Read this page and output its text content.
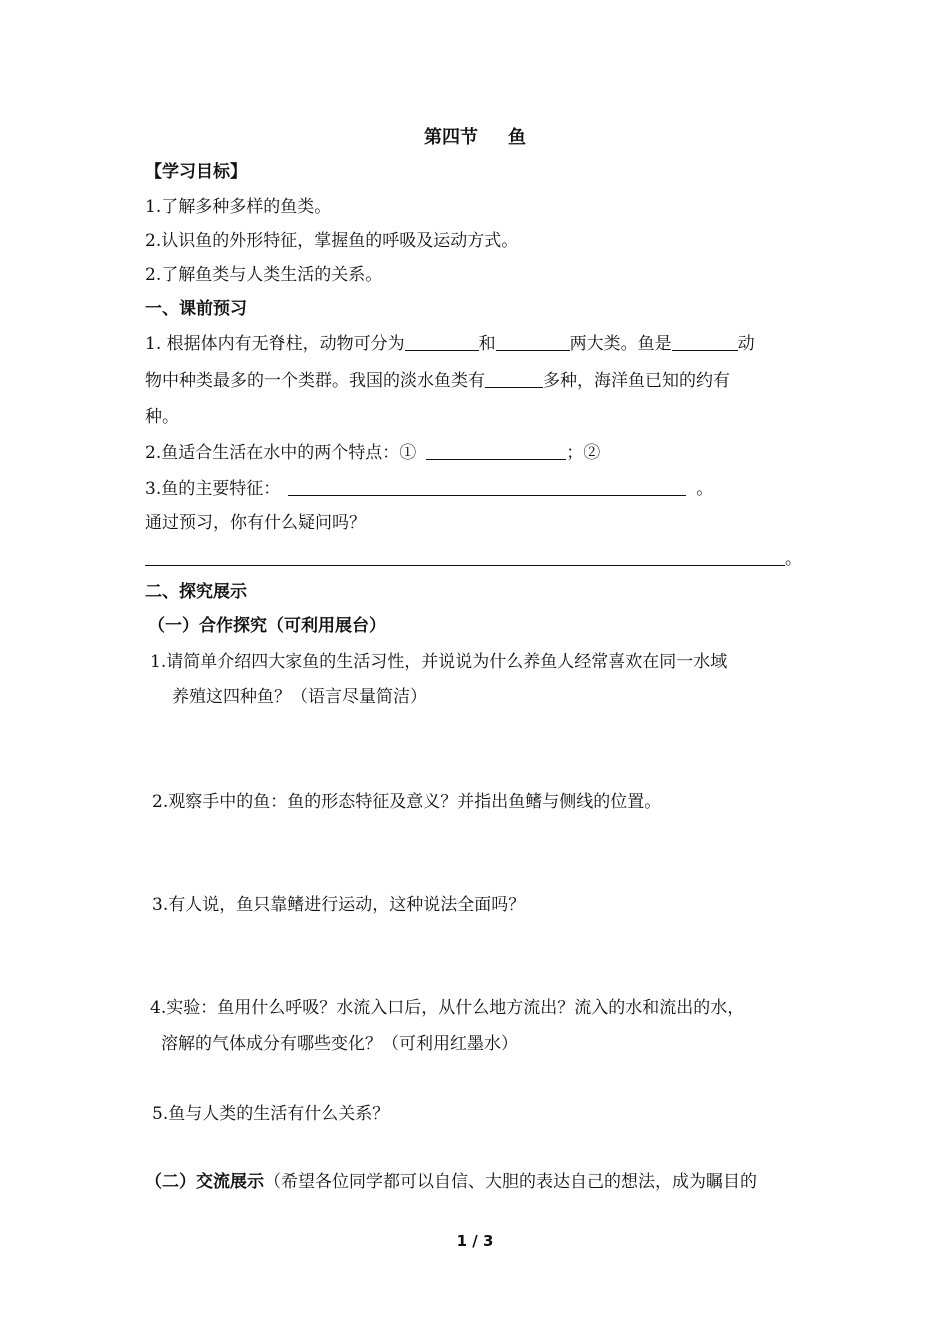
第四节 鱼
【学习目标】
1.了解多种多样的鱼类。
2.认识鱼的外形特征，掌握鱼的呼吸及运动方式。
2.了解鱼类与人类生活的关系。
一、课前预习
1. 根据体内有无脊柱，动物可分为	和	两大类。鱼是	动
物中种类最多的一个类群。我国的淡水鱼类有	多种，海洋鱼已知的约有
种。
2.鱼适合生活在水中的两个特点：①	；②
3.鱼的主要特征：	。
通过预习，你有什么疑问吗？
。
二、探究展示
（一）合作探究（可利用展台）
1.请简单介绍四大家鱼的生活习性，并说说为什么养鱼人经常喜欢在同一水域
养殖这四种鱼？（语言尽量简洁）
2.观察手中的鱼：鱼的形态特征及意义？并指出鱼鳍与侧线的位置。
3.有人说，鱼只靠鳍进行运动，这种说法全面吗？
4.实验：鱼用什么呼吸？水流入口后，从什么地方流出？流入的水和流出的水，
溶解的气体成分有哪些变化？（可利用红墨水）
5.鱼与人类的生活有什么关系？
（二）交流展示（希望各位同学都可以自信、大胆的表达自己的想法，成为瞩目的
1 / 3
